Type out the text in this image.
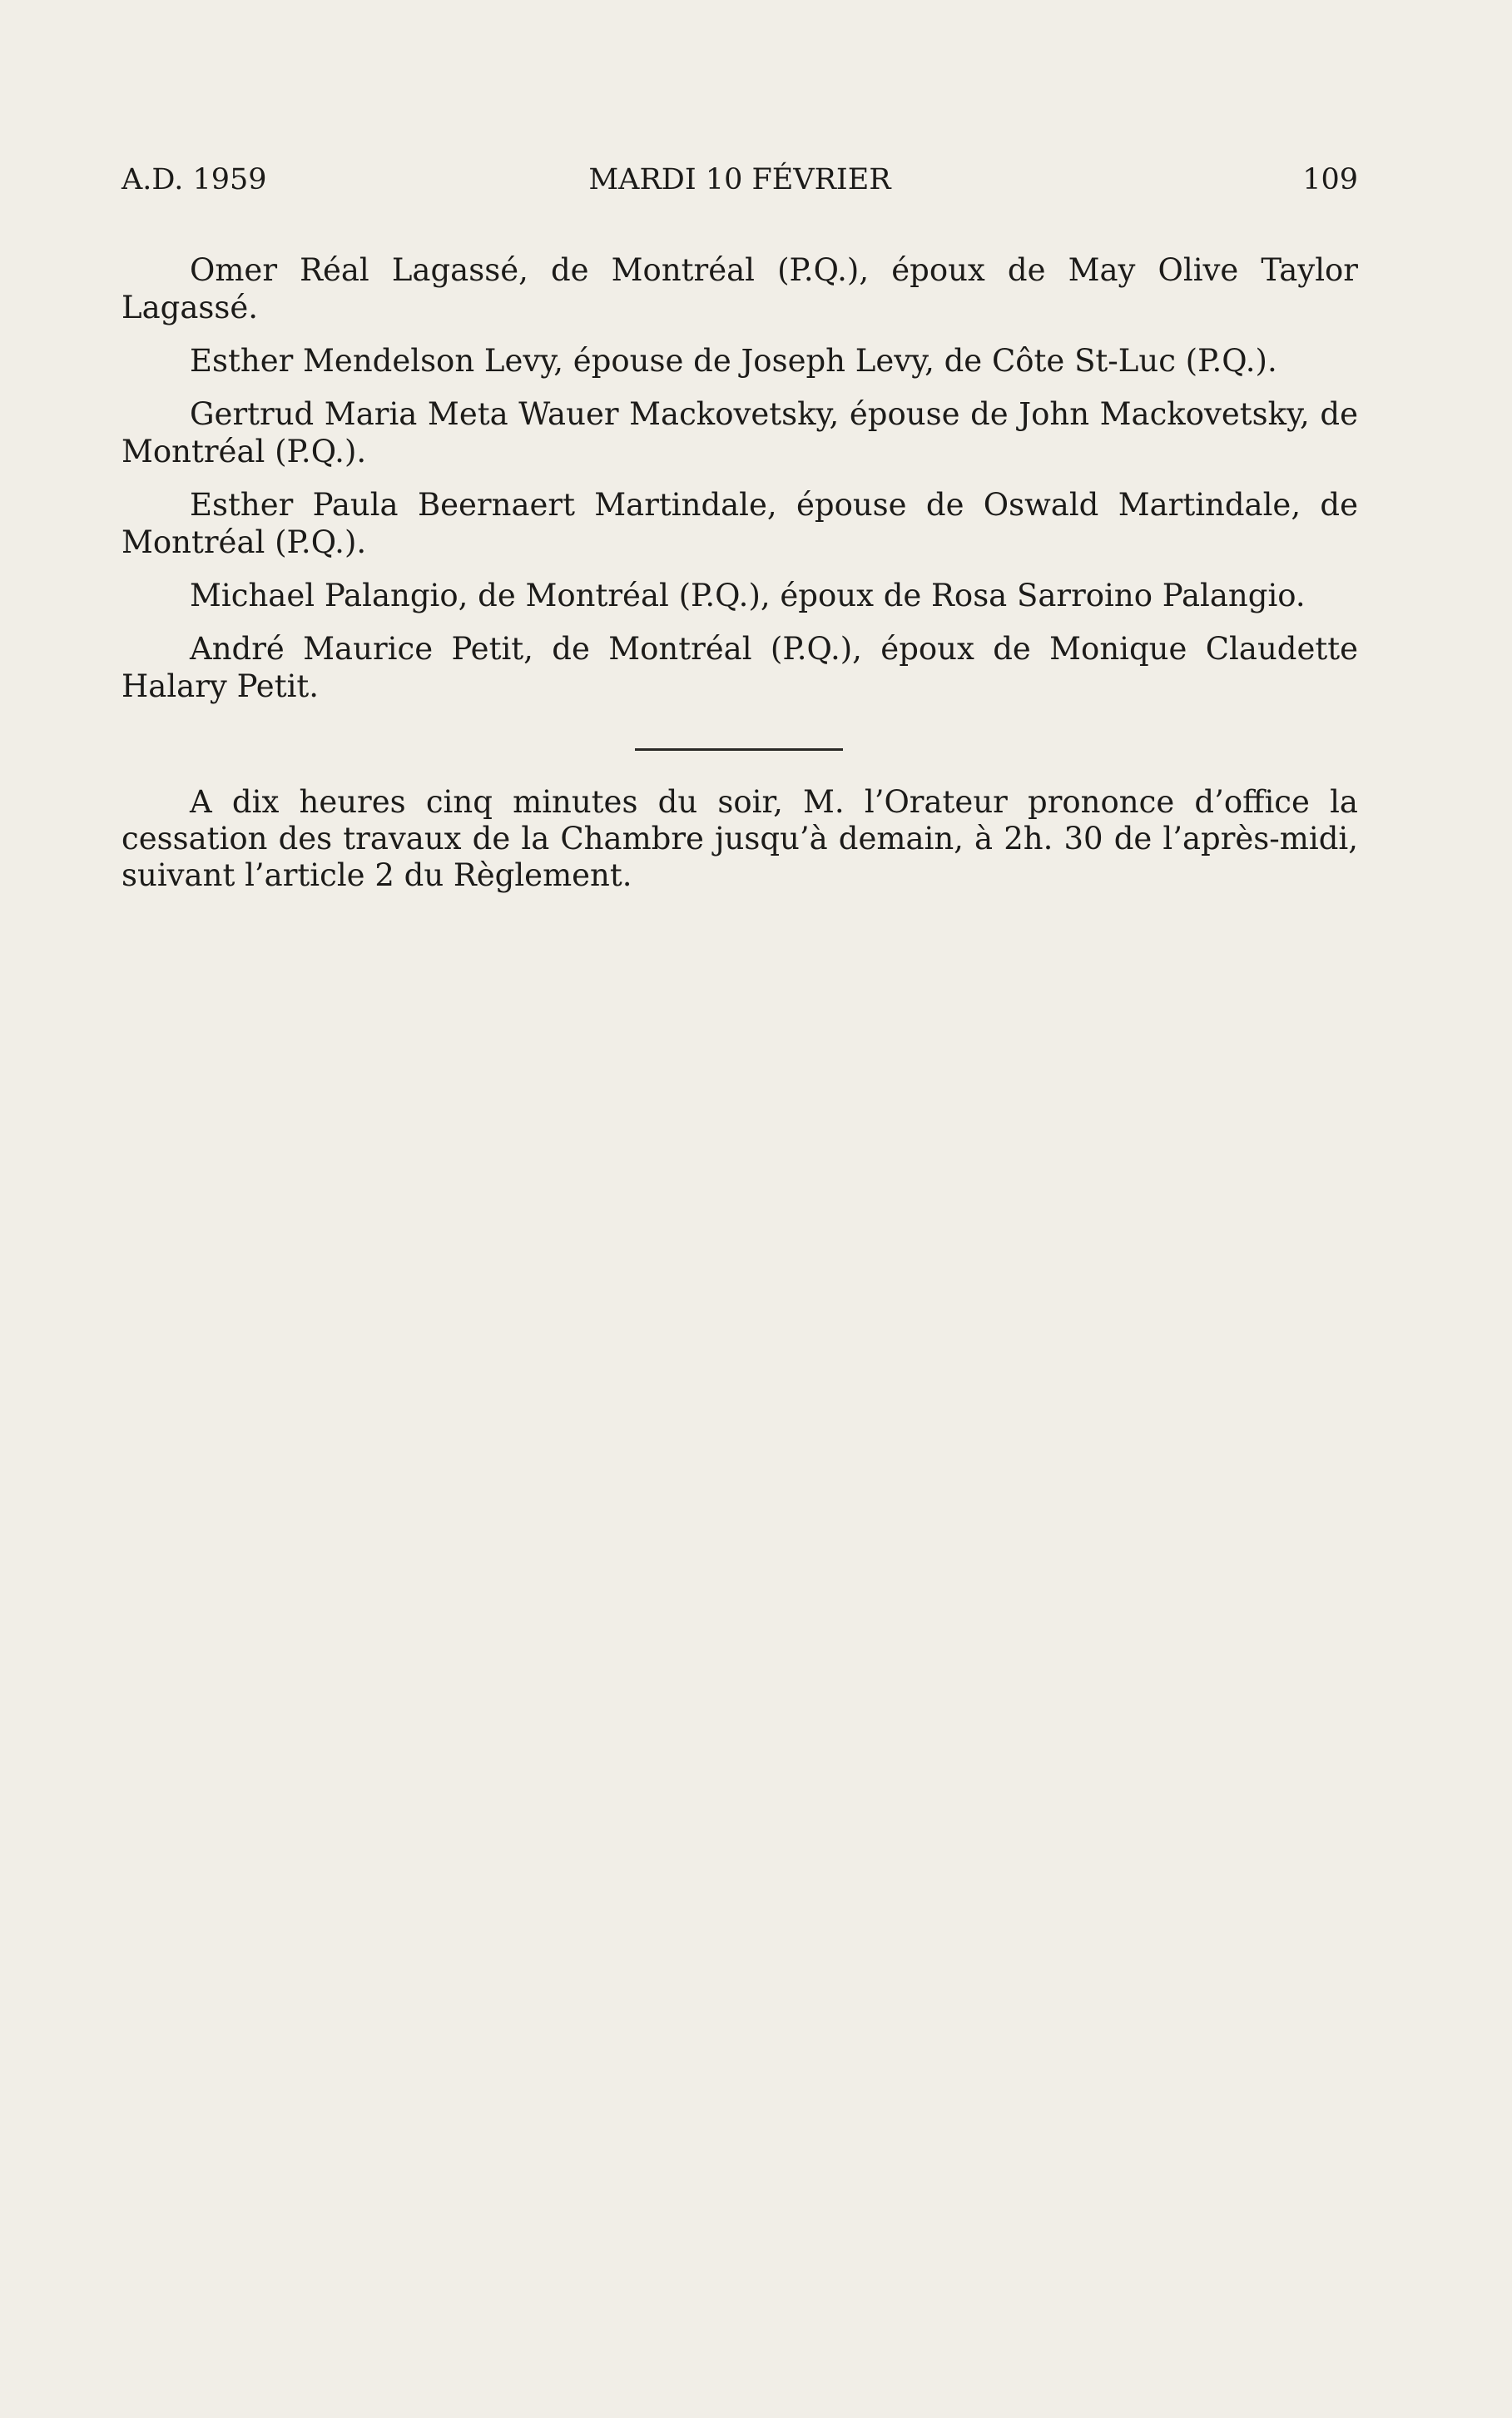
A.D. 1959	MARDI 10 FÉVRIER	109

Omer Réal Lagassé, de Montréal (P.Q.), époux de May Olive Taylor Lagassé.

Esther Mendelson Levy, épouse de Joseph Levy, de Côte St-Luc (P.Q.).

Gertrud Maria Meta Wauer Mackovetsky, épouse de John Mackovetsky, de Montréal (P.Q.).

Esther Paula Beernaert Martindale, épouse de Oswald Martindale, de Montréal (P.Q.).

Michael Palangio, de Montréal (P.Q.), époux de Rosa Sarroino Palangio.

André Maurice Petit, de Montréal (P.Q.), époux de Monique Claudette Halary Petit.

A dix heures cinq minutes du soir, M. l’Orateur prononce d’office la cessation des travaux de la Chambre jusqu’à demain, à 2h. 30 de l’après-midi, suivant l’article 2 du Règlement.
